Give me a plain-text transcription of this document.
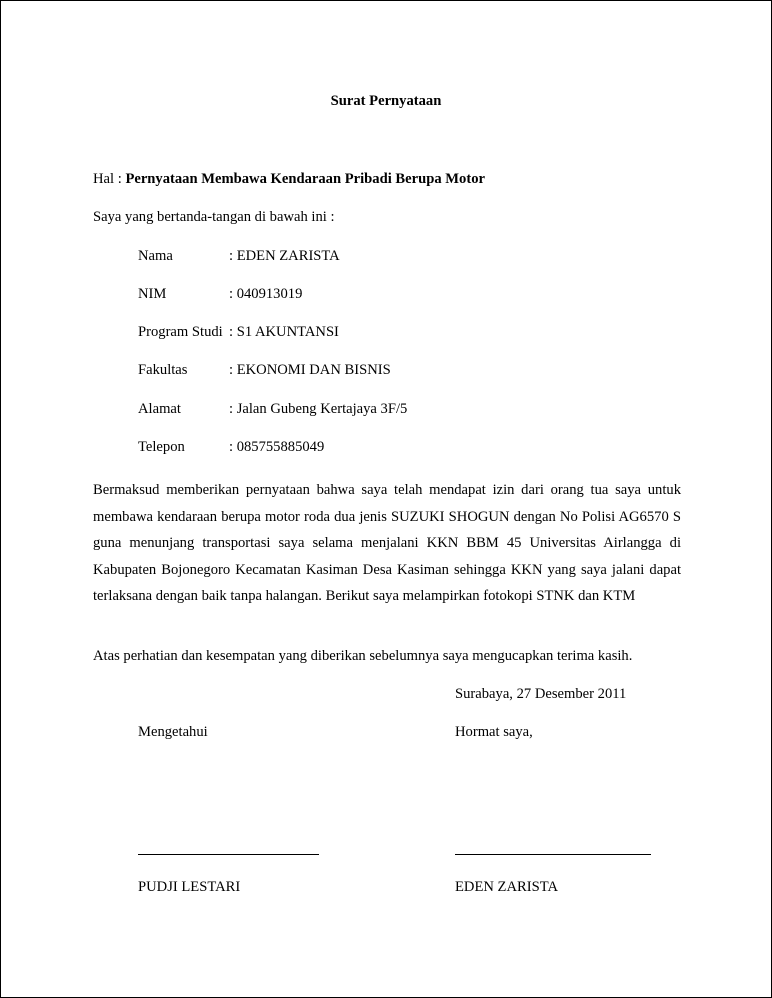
Surat Pernyataan
Hal : Pernyataan Membawa Kendaraan Pribadi Berupa Motor
Saya yang bertanda-tangan di bawah ini :
Nama	: EDEN ZARISTA
NIM	: 040913019
Program Studi : S1 AKUNTANSI
Fakultas	: EKONOMI DAN BISNIS
Alamat	: Jalan Gubeng Kertajaya 3F/5
Telepon	: 085755885049
Bermaksud memberikan pernyataan bahwa saya telah mendapat izin dari orang tua saya untuk membawa kendaraan berupa motor roda dua jenis SUZUKI SHOGUN dengan No Polisi AG6570 S guna menunjang transportasi saya selama menjalani KKN BBM 45 Universitas Airlangga di Kabupaten Bojonegoro Kecamatan Kasiman Desa Kasiman sehingga KKN yang saya jalani dapat terlaksana dengan baik tanpa halangan. Berikut saya melampirkan fotokopi STNK dan KTM
Atas perhatian dan kesempatan yang diberikan sebelumnya saya mengucapkan terima kasih.
Surabaya, 27 Desember 2011
Mengetahui	Hormat saya,
PUDJI LESTARI	EDEN ZARISTA
